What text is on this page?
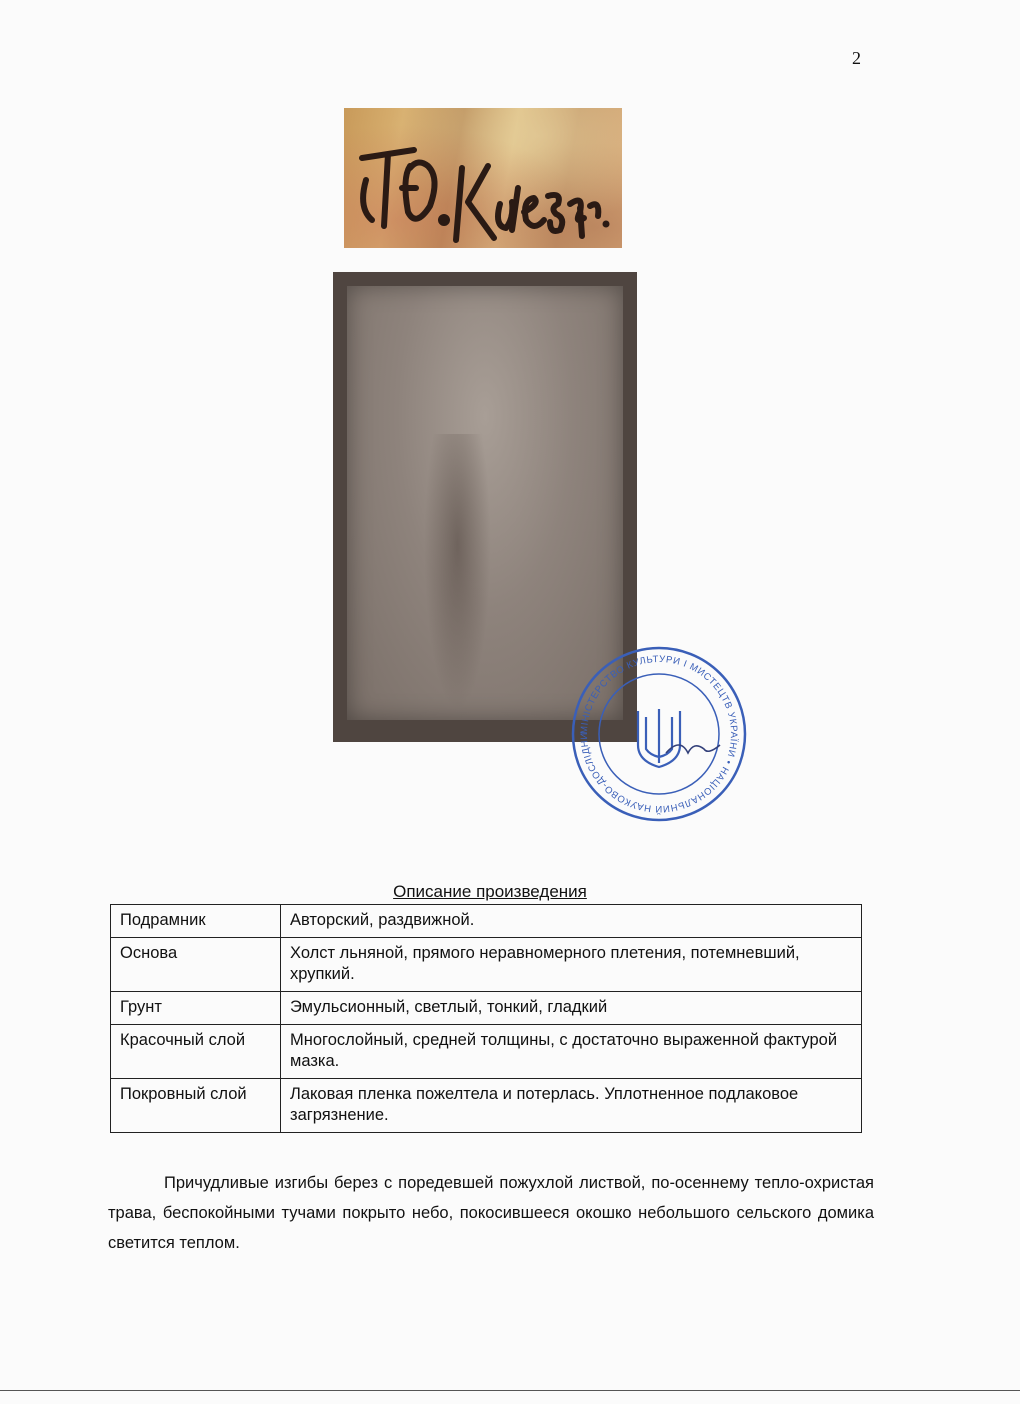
2
МІНІСТЕРСТВО КУЛЬТУРИ І МИСТЕЦТВ УКРАЇНИ • НАЦІОНАЛЬНИЙ НАУКОВО-ДОСЛІДНИ
Описание произведения
Подрамник	Авторский, раздвижной.
Основа	Холст льняной, прямого неравномерного плетения, потемневший, хрупкий.
Грунт	Эмульсионный, светлый, тонкий, гладкий
Красочный слой	Многослойный, средней толщины, с достаточно выраженной фактурой мазка.
Покровный слой	Лаковая пленка пожелтела и потерлась. Уплотненное подлаковое загрязнение.

Причудливые изгибы берез с поредевшей пожухлой листвой, по-осеннему тепло-охристая трава, беспокойными тучами покрыто небо, покосившееся окошко небольшого сельского домика светится теплом.
